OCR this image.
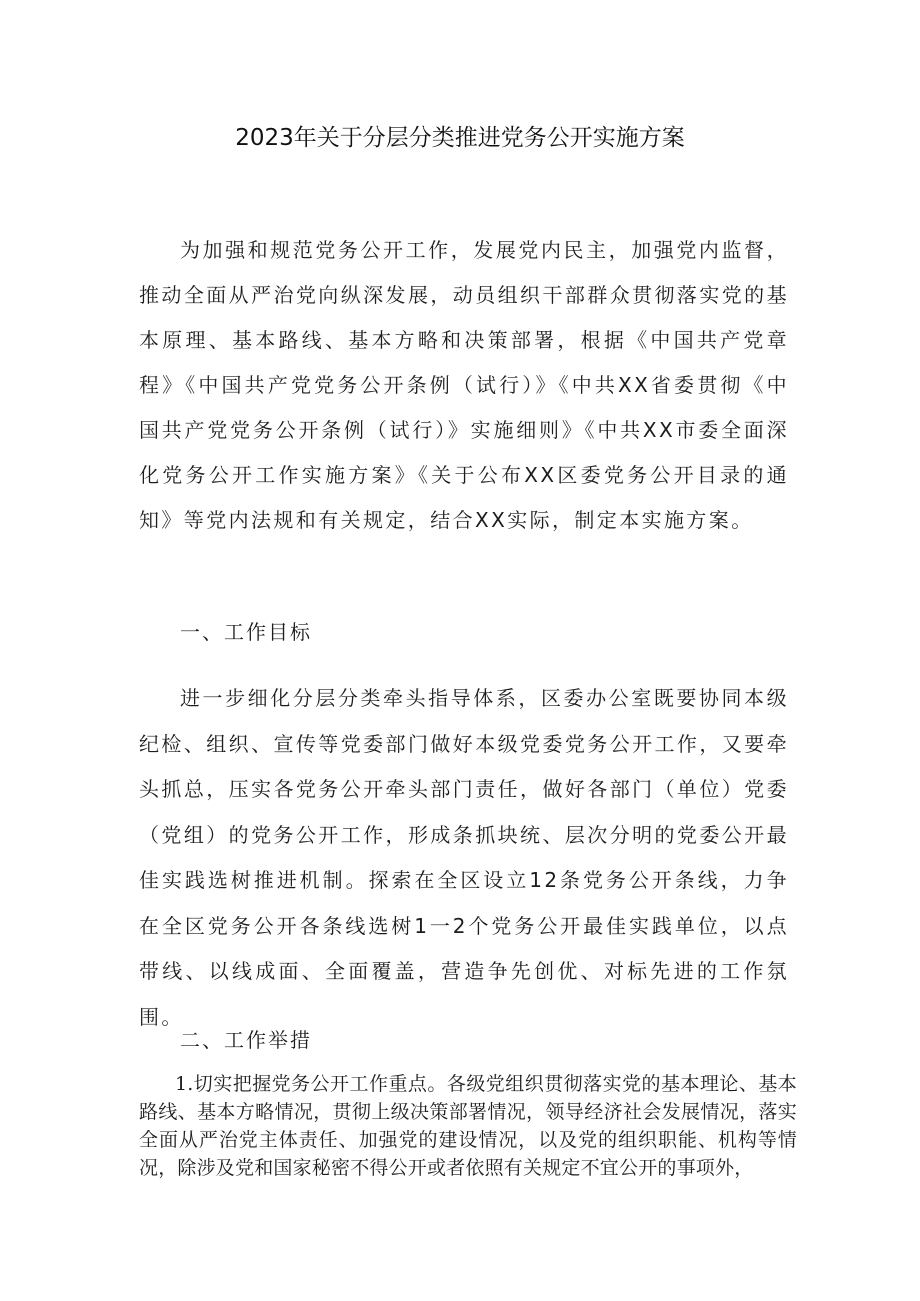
2023年关于分层分类推进党务公开实施方案

为加强和规范党务公开工作，发展党内民主，加强党内监督，推动全面从严治党向纵深发展，动员组织干部群众贯彻落实党的基本原理、基本路线、基本方略和决策部署，根据《中国共产党章程》《中国共产党党务公开条例（试行）》《中共XX省委贯彻《中国共产党党务公开条例（试行）》实施细则》《中共XX市委全面深化党务公开工作实施方案》《关于公布XX区委党务公开目录的通知》等党内法规和有关规定，结合XX实际，制定本实施方案。

一、工作目标

进一步细化分层分类牵头指导体系，区委办公室既要协同本级纪检、组织、宣传等党委部门做好本级党委党务公开工作，又要牵头抓总，压实各党务公开牵头部门责任，做好各部门（单位）党委（党组）的党务公开工作，形成条抓块统、层次分明的党委公开最佳实践选树推进机制。探索在全区设立12条党务公开条线，力争在全区党务公开各条线选树1一2个党务公开最佳实践单位，以点带线、以线成面、全面覆盖，营造争先创优、对标先进的工作氛围。

二、工作举措

1.切实把握党务公开工作重点。各级党组织贯彻落实党的基本理论、基本路线、基本方略情况，贯彻上级决策部署情况，领导经济社会发展情况，落实全面从严治党主体责任、加强党的建设情况，以及党的组织职能、机构等情况，除涉及党和国家秘密不得公开或者依照有关规定不宜公开的事项外，
